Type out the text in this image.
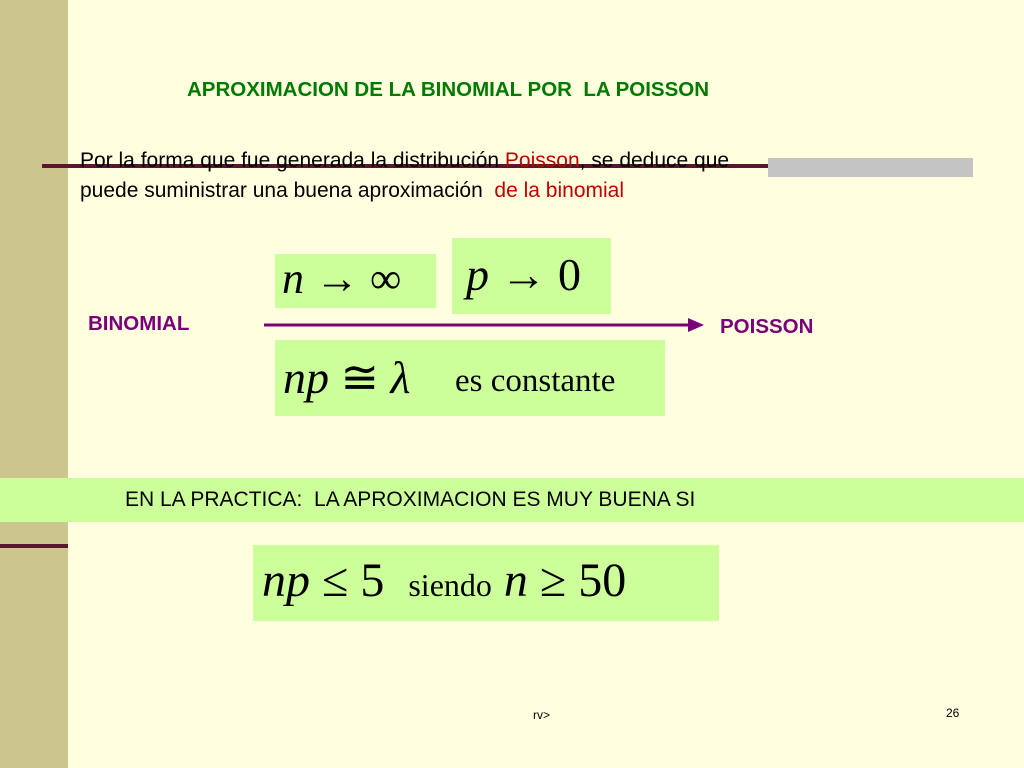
APROXIMACION DE LA BINOMIAL POR  LA POISSON
Por la forma que fue generada la distribución Poisson, se deduce que
puede suministrar una buena aproximación  de la binomial
n → ∞ p → 0
BINOMIAL	POISSON
np ≅ λ es constante
EN LA PRACTICA:  LA APROXIMACION ES MUY BUENA SI
np ≤ 5 siendo n ≥ 50
rv>	26
